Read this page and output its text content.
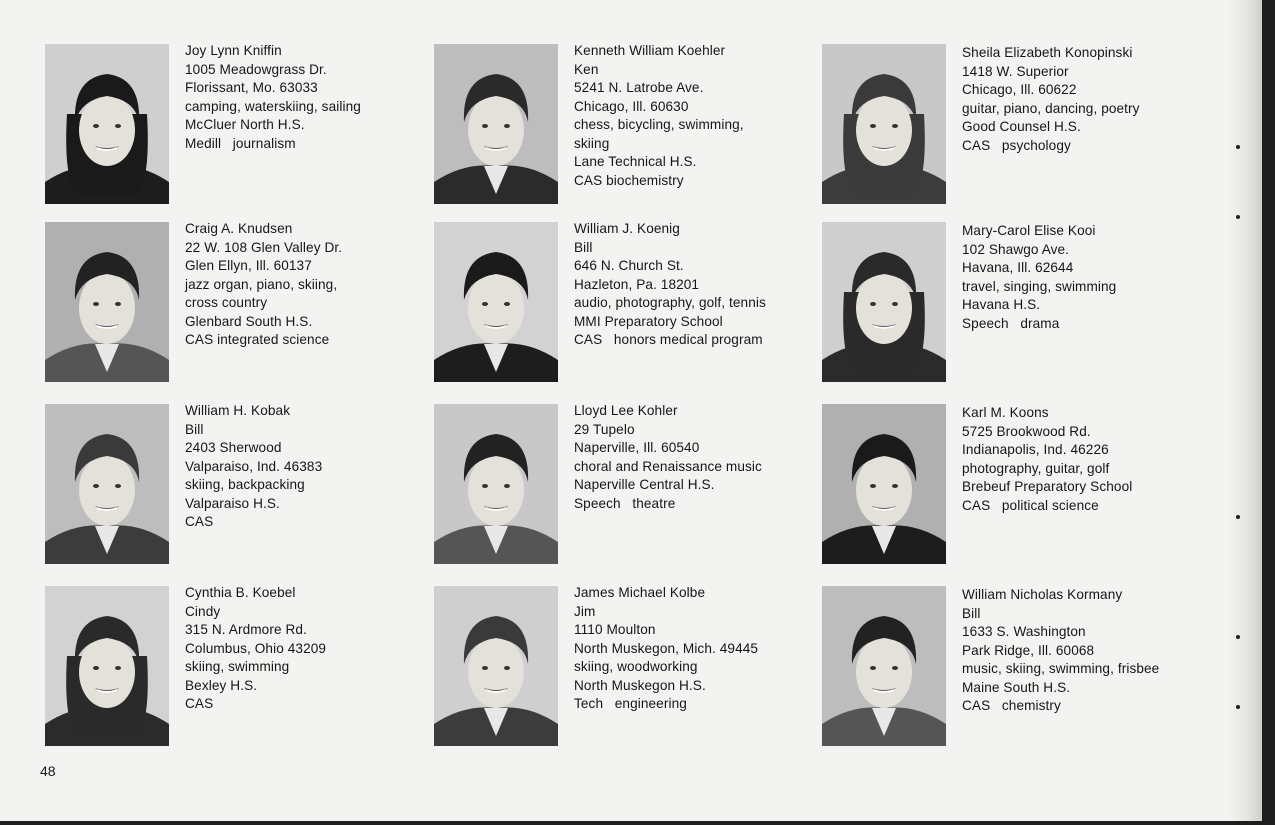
Joy Lynn Kniffin
1005 Meadowgrass Dr.
Florissant, Mo. 63033
camping, waterskiing, sailing
McCluer North H.S.
Medill   journalism
Kenneth William Koehler
Ken
5241 N. Latrobe Ave.
Chicago, Ill. 60630
chess, bicycling, swimming,
skiing
Lane Technical H.S.
CAS biochemistry
Sheila Elizabeth Konopinski
1418 W. Superior
Chicago, Ill. 60622
guitar, piano, dancing, poetry
Good Counsel H.S.
CAS   psychology
Craig A. Knudsen
22 W. 108 Glen Valley Dr.
Glen Ellyn, Ill. 60137
jazz organ, piano, skiing,
cross country
Glenbard South H.S.
CAS integrated science
William J. Koenig
Bill
646 N. Church St.
Hazleton, Pa. 18201
audio, photography, golf, tennis
MMI Preparatory School
CAS   honors medical program
Mary-Carol Elise Kooi
102 Shawgo Ave.
Havana, Ill. 62644
travel, singing, swimming
Havana H.S.
Speech   drama
William H. Kobak
Bill
2403 Sherwood
Valparaiso, Ind. 46383
skiing, backpacking
Valparaiso H.S.
CAS
Lloyd Lee Kohler
29 Tupelo
Naperville, Ill. 60540
choral and Renaissance music
Naperville Central H.S.
Speech   theatre
Karl M. Koons
5725 Brookwood Rd.
Indianapolis, Ind. 46226
photography, guitar, golf
Brebeuf Preparatory School
CAS   political science
Cynthia B. Koebel
Cindy
315 N. Ardmore Rd.
Columbus, Ohio 43209
skiing, swimming
Bexley H.S.
CAS
James Michael Kolbe
Jim
1110 Moulton
North Muskegon, Mich. 49445
skiing, woodworking
North Muskegon H.S.
Tech   engineering
William Nicholas Kormany
Bill
1633 S. Washington
Park Ridge, Ill. 60068
music, skiing, swimming, frisbee
Maine South H.S.
CAS   chemistry
48
